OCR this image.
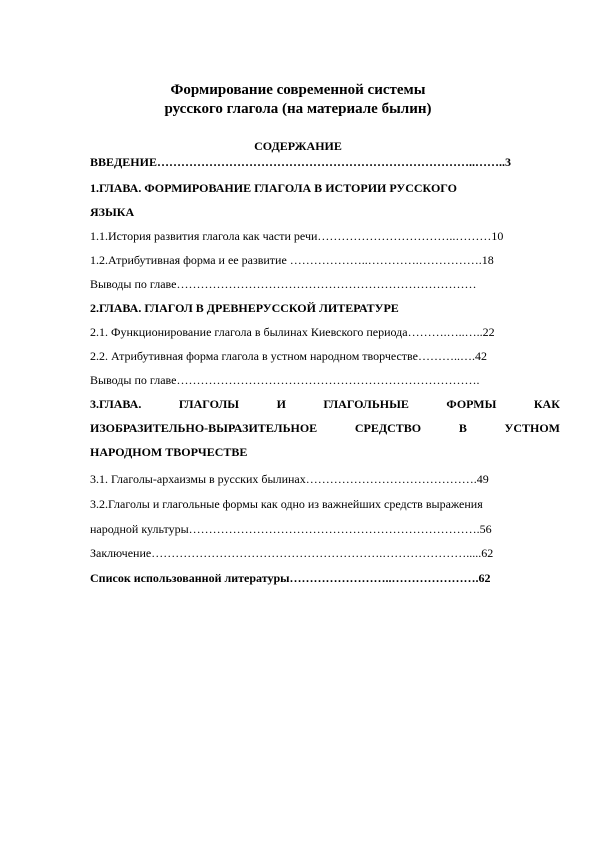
Формирование современной системы
русского глагола (на материале былин)
СОДЕРЖАНИЕ
ВВЕДЕНИЕ……………………………………………………………………..……..3
1.ГЛАВА. ФОРМИРОВАНИЕ ГЛАГОЛА В ИСТОРИИ РУССКОГО
ЯЗЫКА
1.1.История развития глагола как части речи……………………………..………10
1.2.Атрибутивная форма и ее развитие ………………..………….…………….18
Выводы по главе…………………………………………………………………
2.ГЛАВА. ГЛАГОЛ В ДРЕВНЕРУССКОЙ ЛИТЕРАТУРЕ
2.1. Функционирование глагола в былинах Киевского периода……….…..…..22
2.2. Атрибутивная форма глагола в устном народном творчестве………..….42
Выводы по главе………………………………………………………………….
3.ГЛАВА.	ГЛАГОЛЫ	И	ГЛАГОЛЬНЫЕ	ФОРМЫ	КАК
ИЗОБРАЗИТЕЛЬНО-ВЫРАЗИТЕЛЬНОЕ	СРЕДСТВО	В	УСТНОМ
НАРОДНОМ ТВОРЧЕСТВЕ
3.1. Глаголы-архаизмы в русских былинах…………………………………….49
3.2.Глаголы и глагольные формы как одно из важнейших средств выражения
народной культуры……………………………………………………………….56
Заключение………………………………………………….………………….....62
Список использованной литературы……………………..………………….62
